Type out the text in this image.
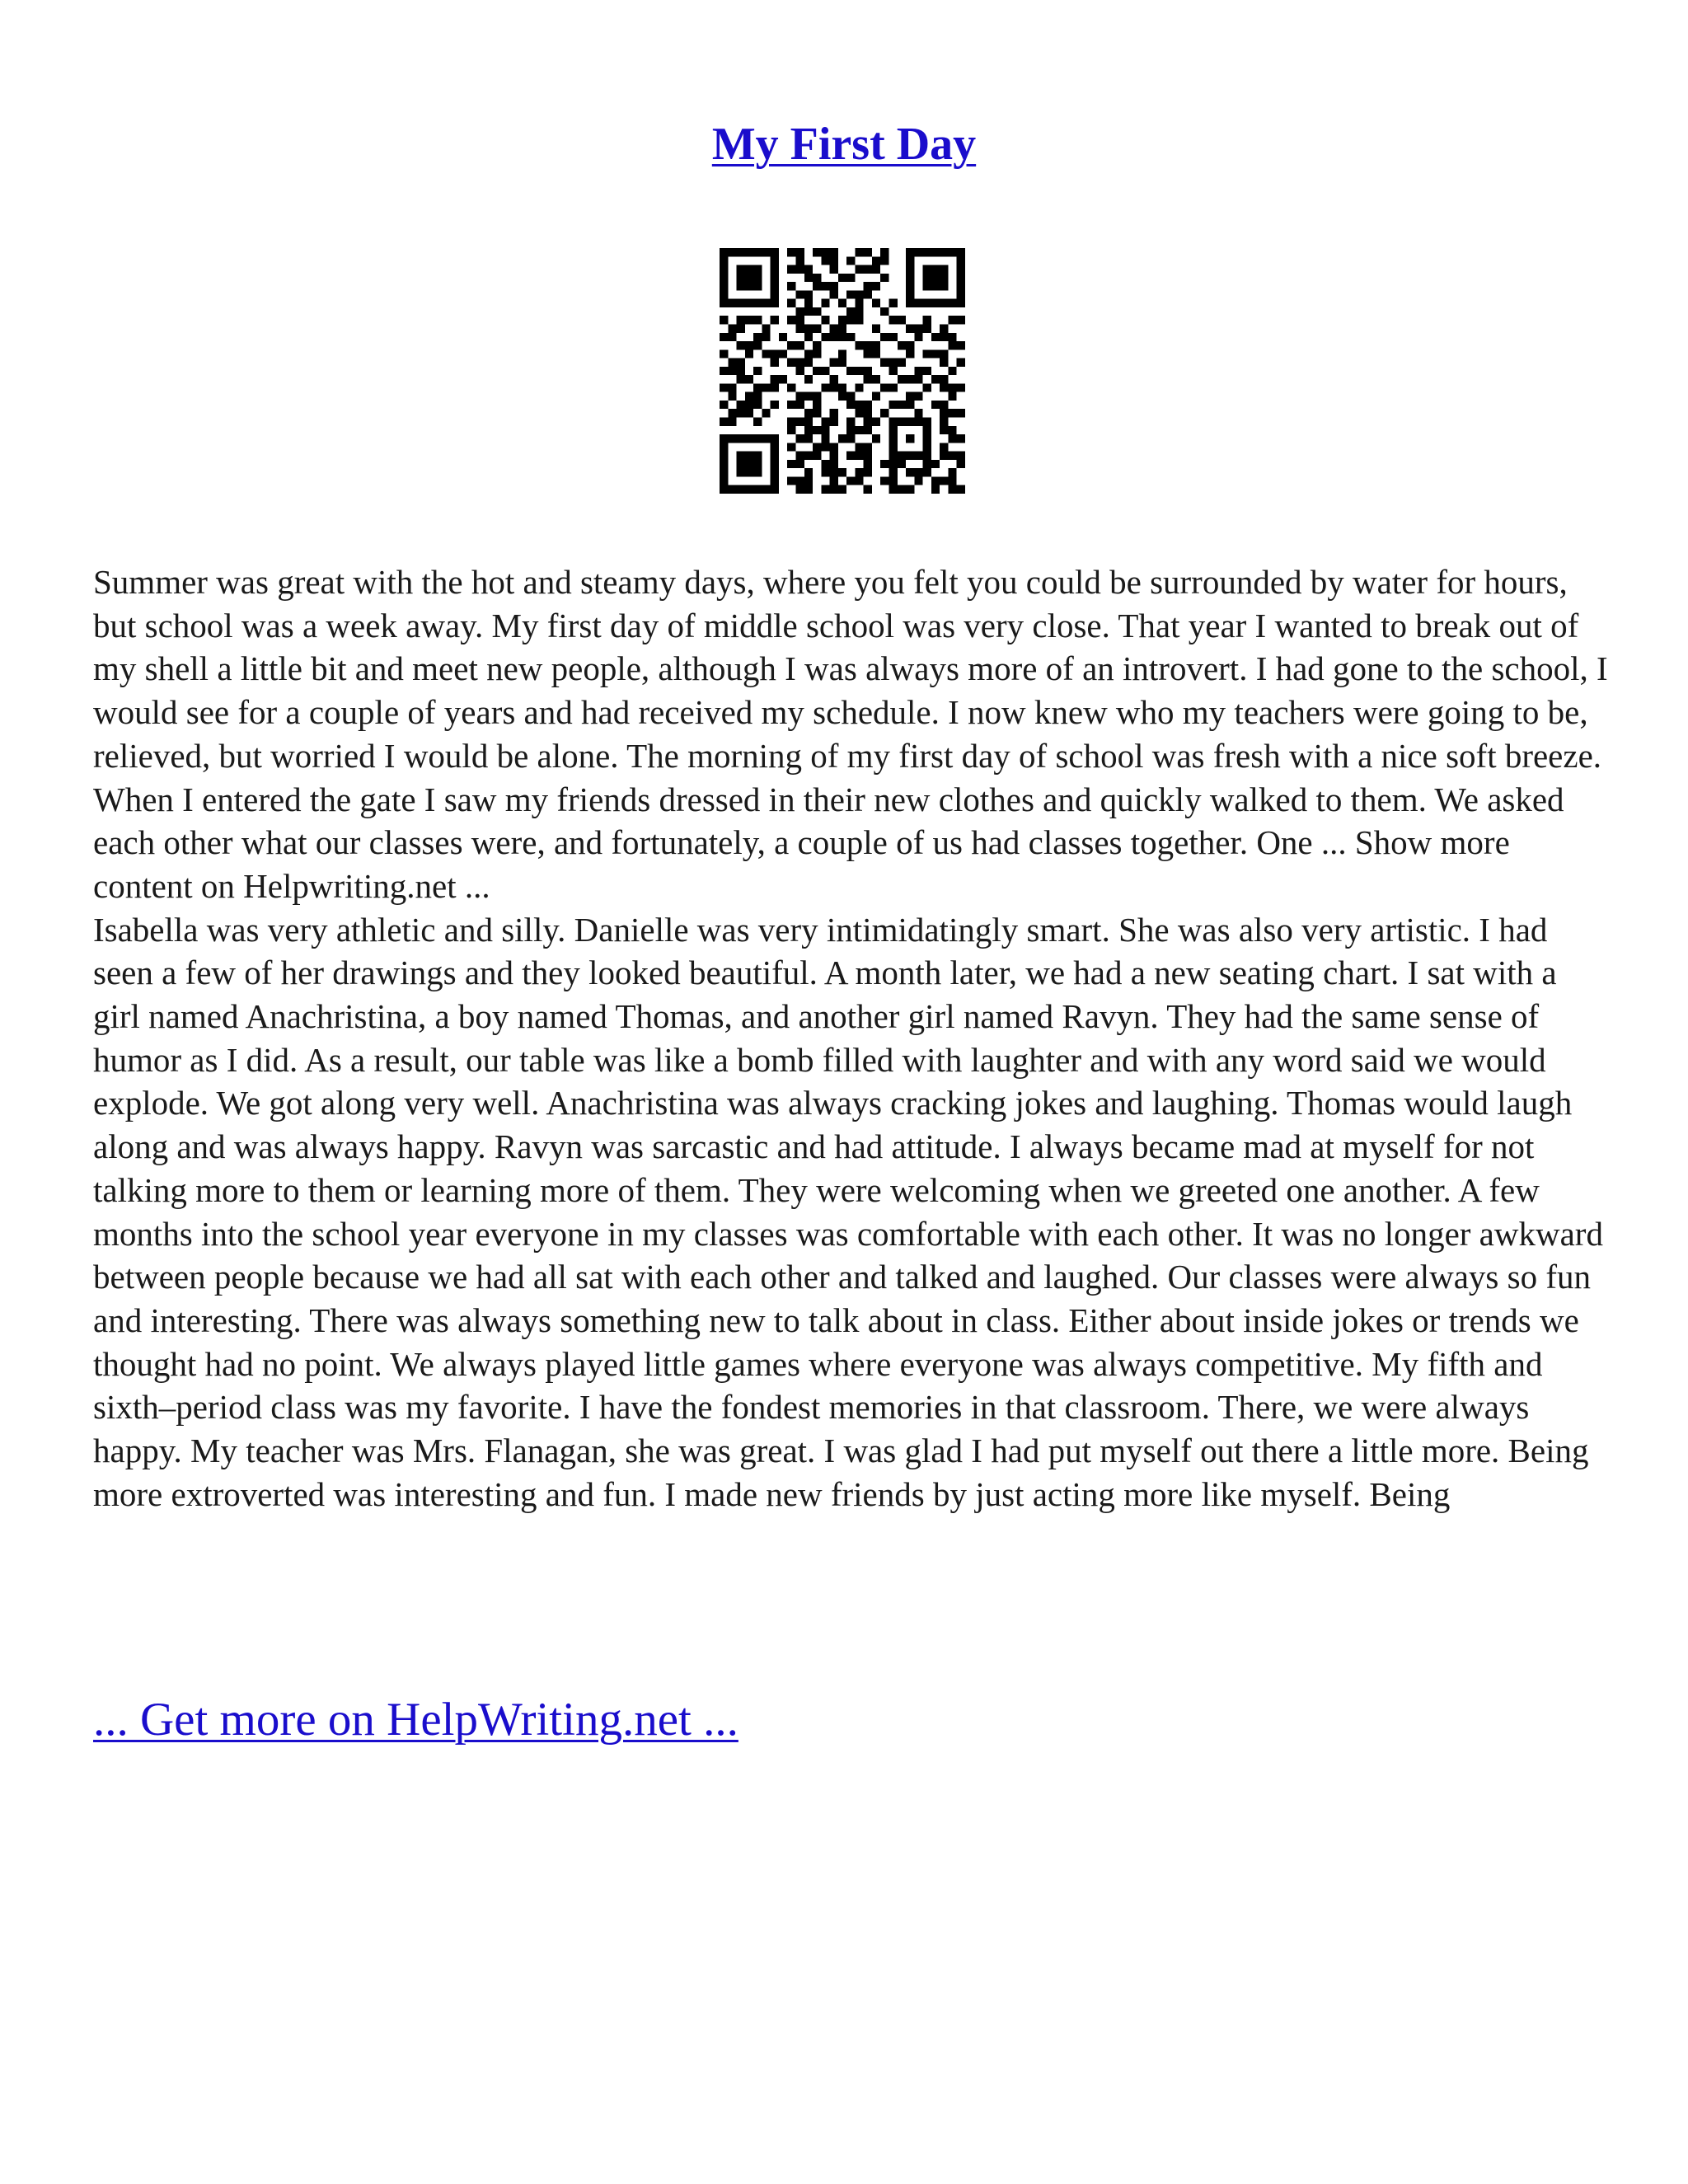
My First Day

Summer was great with the hot and steamy days, where you felt you could be surrounded by water for hours, but school was a week away. My first day of middle school was very close. That year I wanted to break out of my shell a little bit and meet new people, although I was always more of an introvert. I had gone to the school, I would see for a couple of years and had received my schedule. I now knew who my teachers were going to be, relieved, but worried I would be alone. The morning of my first day of school was fresh with a nice soft breeze. When I entered the gate I saw my friends dressed in their new clothes and quickly walked to them. We asked each other what our classes were, and fortunately, a couple of us had classes together. One ... Show more content on Helpwriting.net ...

Isabella was very athletic and silly. Danielle was very intimidatingly smart. She was also very artistic. I had seen a few of her drawings and they looked beautiful. A month later, we had a new seating chart. I sat with a girl named Anachristina, a boy named Thomas, and another girl named Ravyn. They had the same sense of humor as I did. As a result, our table was like a bomb filled with laughter and with any word said we would explode. We got along very well. Anachristina was always cracking jokes and laughing. Thomas would laugh along and was always happy. Ravyn was sarcastic and had attitude. I always became mad at myself for not talking more to them or learning more of them. They were welcoming when we greeted one another. A few months into the school year everyone in my classes was comfortable with each other. It was no longer awkward between people because we had all sat with each other and talked and laughed. Our classes were always so fun and interesting. There was always something new to talk about in class. Either about inside jokes or trends we thought had no point. We always played little games where everyone was always competitive. My fifth and sixth–period class was my favorite. I have the fondest memories in that classroom. There, we were always happy. My teacher was Mrs. Flanagan, she was great. I was glad I had put myself out there a little more. Being more extroverted was interesting and fun. I made new friends by just acting more like myself. Being

... Get more on HelpWriting.net ...
